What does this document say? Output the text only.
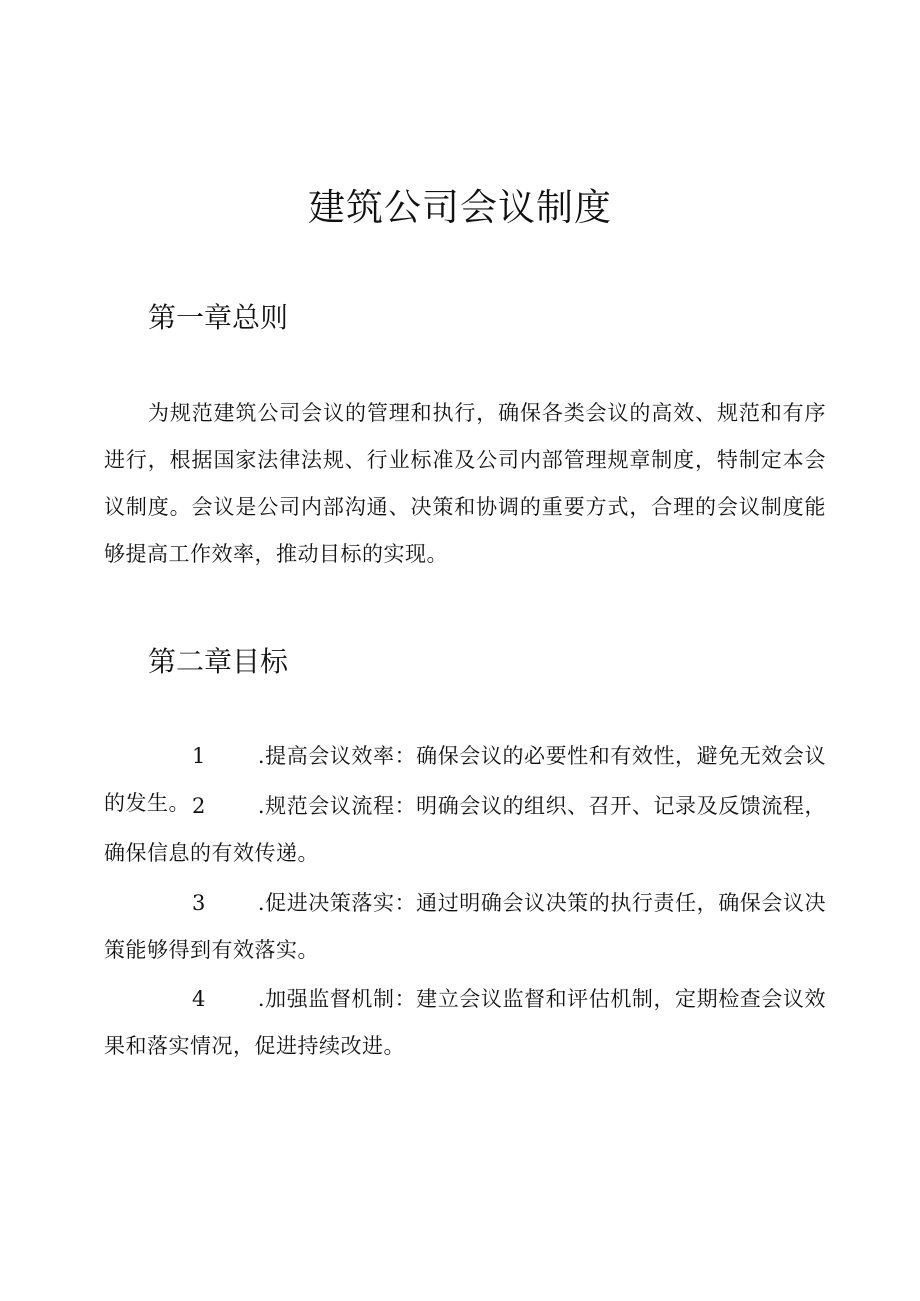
建筑公司会议制度
第一章总则

为规范建筑公司会议的管理和执行，确保各类会议的高效、规范和有序进行，根据国家法律法规、行业标准及公司内部管理规章制度，特制定本会议制度。会议是公司内部沟通、决策和协调的重要方式，合理的会议制度能够提高工作效率，推动目标的实现。

第二章目标

1 .提高会议效率：确保会议的必要性和有效性，避免无效会议的发生。 2 .规范会议流程：明确会议的组织、召开、记录及反馈流程，确保信息的有效传递。

3 .促进决策落实：通过明确会议决策的执行责任，确保会议决策能够得到有效落实。

4 .加强监督机制：建立会议监督和评估机制，定期检查会议效果和落实情况，促进持续改进。
